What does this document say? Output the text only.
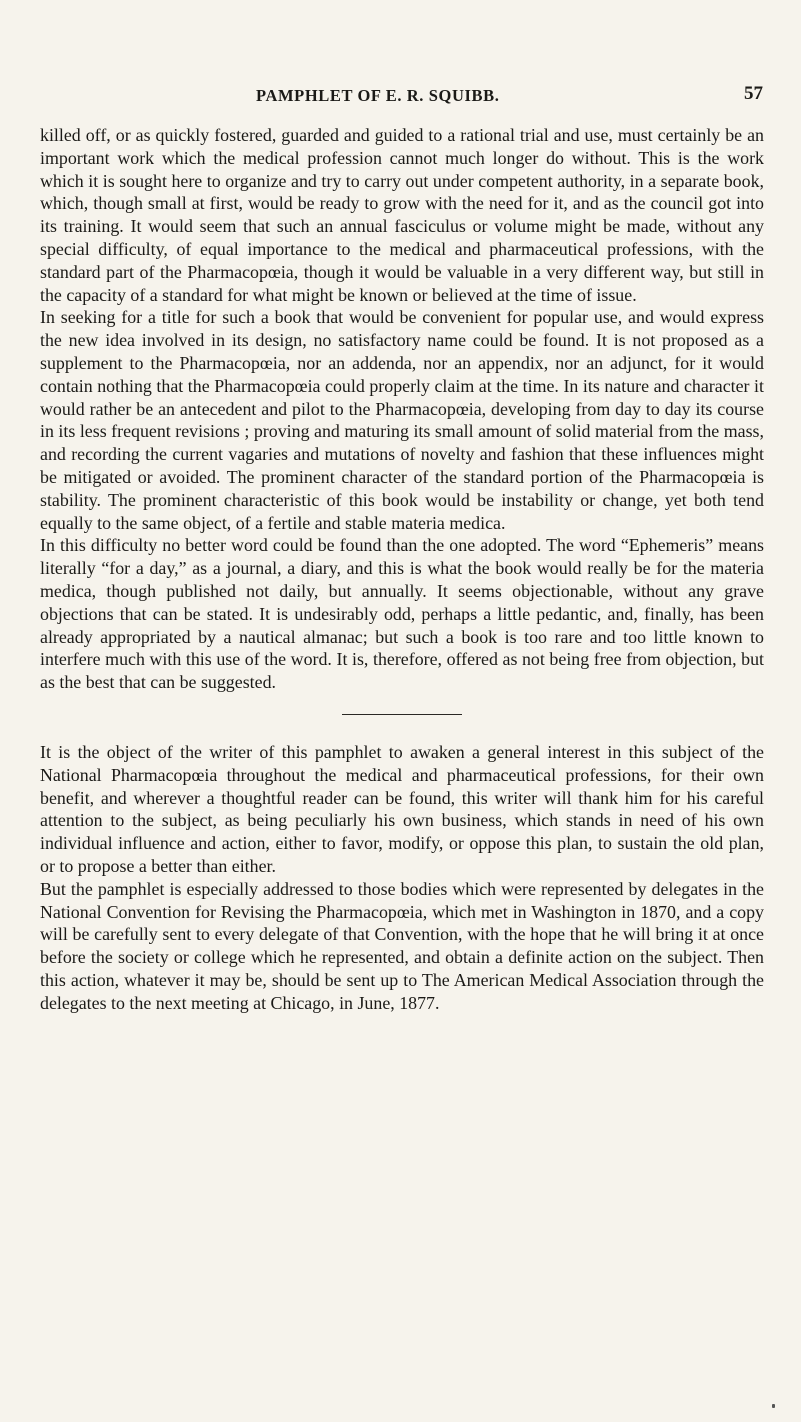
PAMPHLET OF E. R. SQUIBB.	57

killed off, or as quickly fostered, guarded and guided to a rational trial and use, must certainly be an important work which the medical profession cannot much longer do without. This is the work which it is sought here to organize and try to carry out under competent authority, in a separate book, which, though small at first, would be ready to grow with the need for it, and as the council got into its training. It would seem that such an annual fasciculus or volume might be made, without any special difficulty, of equal importance to the medical and pharmaceutical professions, with the standard part of the Pharmacopœia, though it would be valuable in a very different way, but still in the capacity of a standard for what might be known or believed at the time of issue.

In seeking for a title for such a book that would be convenient for popular use, and would express the new idea involved in its design, no satisfactory name could be found. It is not proposed as a supplement to the Pharmacopœia, nor an addenda, nor an appendix, nor an adjunct, for it would contain nothing that the Pharmacopœia could properly claim at the time. In its nature and character it would rather be an antecedent and pilot to the Pharmacopœia, developing from day to day its course in its less frequent revisions ; proving and maturing its small amount of solid material from the mass, and recording the current vagaries and mutations of novelty and fashion that these influences might be mitigated or avoided. The prominent character of the standard portion of the Pharmacopœia is stability. The prominent characteristic of this book would be instability or change, yet both tend equally to the same object, of a fertile and stable materia medica.

In this difficulty no better word could be found than the one adopted. The word “Ephemeris” means literally “for a day,” as a journal, a diary, and this is what the book would really be for the materia medica, though published not daily, but annually. It seems objectionable, without any grave objections that can be stated. It is undesirably odd, perhaps a little pedantic, and, finally, has been already appropriated by a nautical almanac; but such a book is too rare and too little known to interfere much with this use of the word. It is, therefore, offered as not being free from objection, but as the best that can be suggested.

It is the object of the writer of this pamphlet to awaken a general interest in this subject of the National Pharmacopœia throughout the medical and pharmaceutical professions, for their own benefit, and wherever a thoughtful reader can be found, this writer will thank him for his careful attention to the subject, as being peculiarly his own business, which stands in need of his own individual influence and action, either to favor, modify, or oppose this plan, to sustain the old plan, or to propose a better than either.

But the pamphlet is especially addressed to those bodies which were represented by delegates in the National Convention for Revising the Pharmacopœia, which met in Washington in 1870, and a copy will be carefully sent to every delegate of that Convention, with the hope that he will bring it at once before the society or college which he represented, and obtain a definite action on the subject. Then this action, whatever it may be, should be sent up to The American Medical Association through the delegates to the next meeting at Chicago, in June, 1877.
